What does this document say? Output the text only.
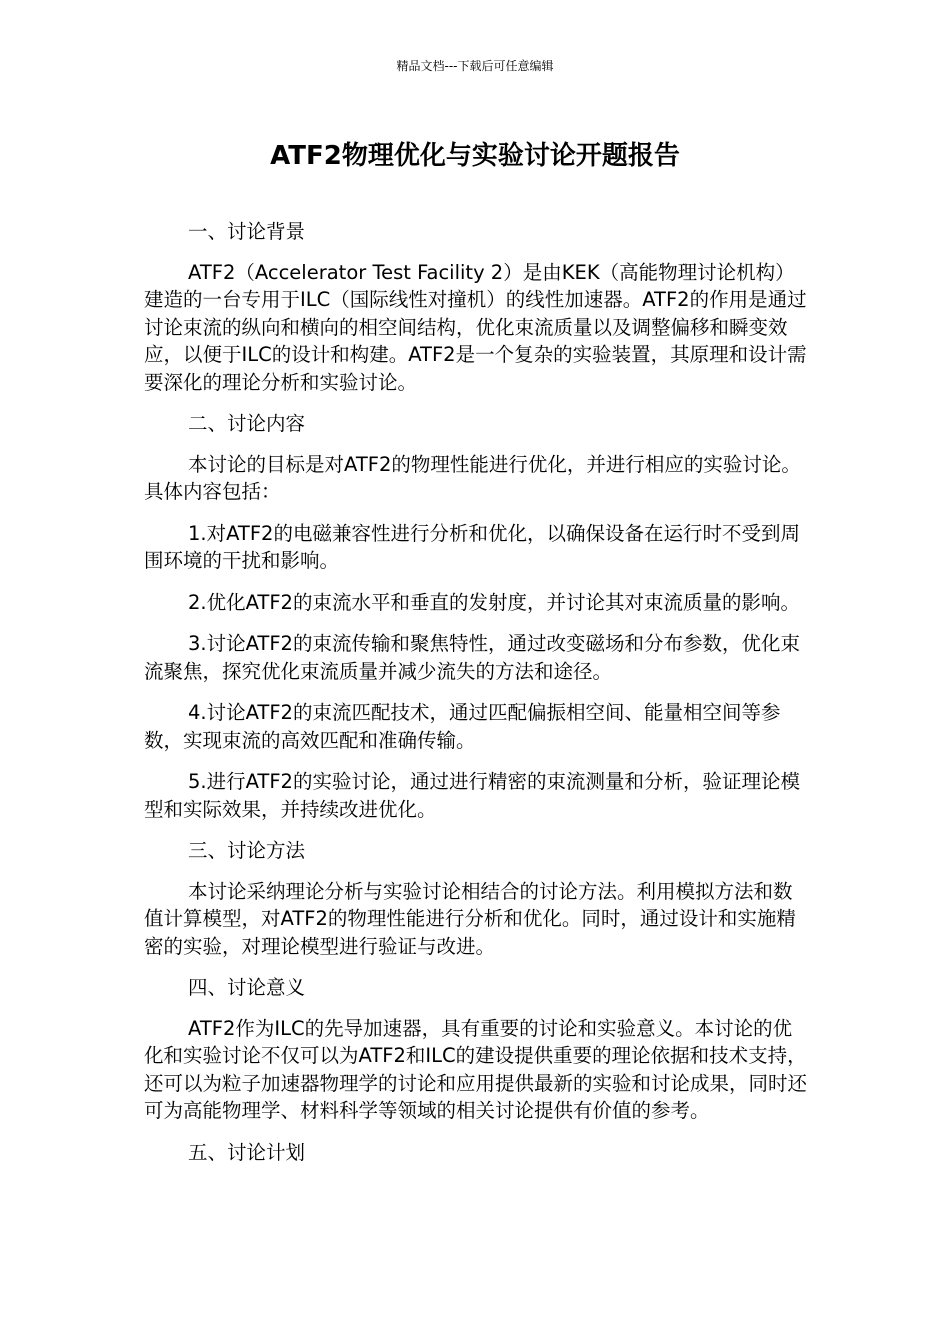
精品文档---下载后可任意编辑
ATF2物理优化与实验讨论开题报告

一、讨论背景

ATF2（Accelerator Test Facility 2）是由KEK（高能物理讨论机构）建造的一台专用于ILC（国际线性对撞机）的线性加速器。ATF2的作用是通过讨论束流的纵向和横向的相空间结构，优化束流质量以及调整偏移和瞬变效应，以便于ILC的设计和构建。ATF2是一个复杂的实验装置，其原理和设计需要深化的理论分析和实验讨论。

二、讨论内容

本讨论的目标是对ATF2的物理性能进行优化，并进行相应的实验讨论。具体内容包括：

1.对ATF2的电磁兼容性进行分析和优化，以确保设备在运行时不受到周围环境的干扰和影响。

2.优化ATF2的束流水平和垂直的发射度，并讨论其对束流质量的影响。

3.讨论ATF2的束流传输和聚焦特性，通过改变磁场和分布参数，优化束流聚焦，探究优化束流质量并减少流失的方法和途径。

4.讨论ATF2的束流匹配技术，通过匹配偏振相空间、能量相空间等参数，实现束流的高效匹配和准确传输。

5.进行ATF2的实验讨论，通过进行精密的束流测量和分析，验证理论模型和实际效果，并持续改进优化。

三、讨论方法

本讨论采纳理论分析与实验讨论相结合的讨论方法。利用模拟方法和数值计算模型，对ATF2的物理性能进行分析和优化。同时，通过设计和实施精密的实验，对理论模型进行验证与改进。

四、讨论意义

ATF2作为ILC的先导加速器，具有重要的讨论和实验意义。本讨论的优化和实验讨论不仅可以为ATF2和ILC的建设提供重要的理论依据和技术支持，还可以为粒子加速器物理学的讨论和应用提供最新的实验和讨论成果，同时还可为高能物理学、材料科学等领域的相关讨论提供有价值的参考。

五、讨论计划
